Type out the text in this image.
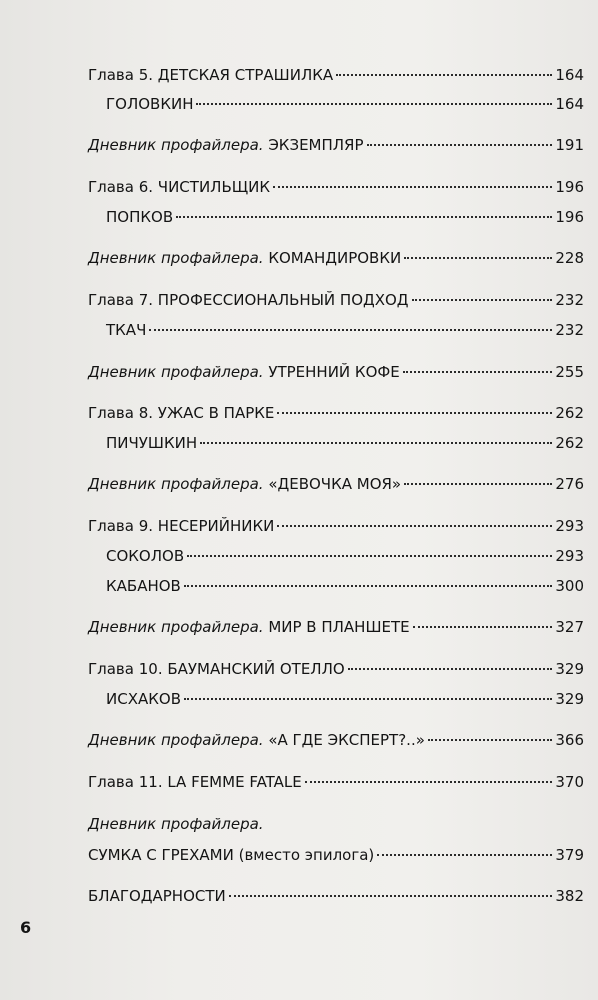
Глава 5. ДЕТСКАЯ СТРАШИЛКА	164
ГОЛОВКИН	164
Дневник профайлера. ЭКЗЕМПЛЯР	191
Глава 6. ЧИСТИЛЬЩИК	196
ПОПКОВ	196
Дневник профайлера. КОМАНДИРОВКИ	228
Глава 7. ПРОФЕССИОНАЛЬНЫЙ ПОДХОД	232
ТКАЧ	232
Дневник профайлера. УТРЕННИЙ КОФЕ	255
Глава 8. УЖАС В ПАРКЕ	262
ПИЧУШКИН	262
Дневник профайлера. «ДЕВОЧКА МОЯ»	276
Глава 9. НЕСЕРИЙНИКИ	293
СОКОЛОВ	293
КАБАНОВ	300
Дневник профайлера. МИР В ПЛАНШЕТЕ	327
Глава 10. БАУМАНСКИЙ ОТЕЛЛО	329
ИСХАКОВ	329
Дневник профайлера. «А ГДЕ ЭКСПЕРТ?..»	366
Глава 11. LA FEMME FATALE	370
Дневник профайлера.
СУМКА С ГРЕХАМИ (вместо эпилога)	379
БЛАГОДАРНОСТИ	382
6
